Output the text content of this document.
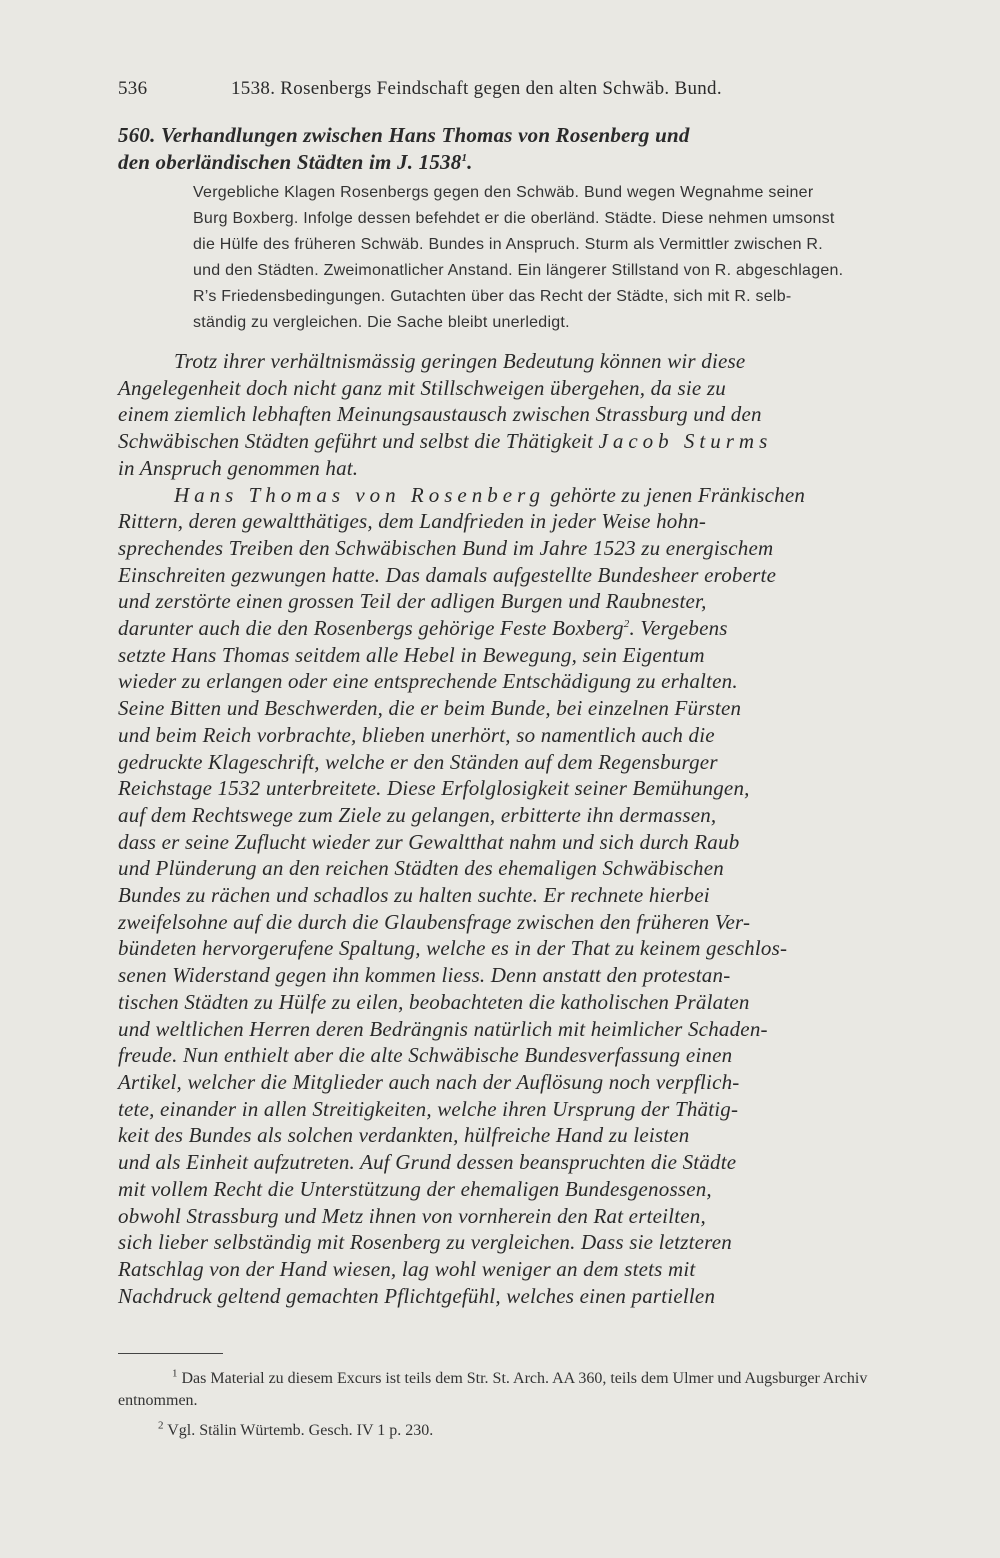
536	1538. Rosenbergs Feindschaft gegen den alten Schwäb. Bund.
560. Verhandlungen zwischen Hans Thomas von Rosenberg und
den oberländischen Städten im J. 1538$^1$.
Vergebliche Klagen Rosenbergs gegen den Schwäb. Bund wegen Wegnahme seiner
Burg Boxberg. Infolge dessen befehdet er die oberländ. Städte. Diese nehmen umsonst
die Hülfe des früheren Schwäb. Bundes in Anspruch. Sturm als Vermittler zwischen R.
und den Städten. Zweimonatlicher Anstand. Ein längerer Stillstand von R. abgeschlagen.
R’s Friedensbedingungen. Gutachten über das Recht der Städte, sich mit R. selb-
ständig zu vergleichen. Die Sache bleibt unerledigt.
Trotz ihrer verhältnismässig geringen Bedeutung können wir diese
Angelegenheit doch nicht ganz mit Stillschweigen übergehen, da sie zu
einem ziemlich lebhaften Meinungsaustausch zwischen Strassburg und den
Schwäbischen Städten geführt und selbst die Thätigkeit Jacob Sturms
in Anspruch genommen hat.
Hans Thomas von Rosenberg gehörte zu jenen Fränkischen
Rittern, deren gewaltthätiges, dem Landfrieden in jeder Weise hohn-
sprechendes Treiben den Schwäbischen Bund im Jahre 1523 zu energischem
Einschreiten gezwungen hatte. Das damals aufgestellte Bundesheer eroberte
und zerstörte einen grossen Teil der adligen Burgen und Raubnester,
darunter auch die den Rosenbergs gehörige Feste Boxberg$^2$. Vergebens
setzte Hans Thomas seitdem alle Hebel in Bewegung, sein Eigentum
wieder zu erlangen oder eine entsprechende Entschädigung zu erhalten.
Seine Bitten und Beschwerden, die er beim Bunde, bei einzelnen Fürsten
und beim Reich vorbrachte, blieben unerhört, so namentlich auch die
gedruckte Klageschrift, welche er den Ständen auf dem Regensburger
Reichstage 1532 unterbreitete. Diese Erfolglosigkeit seiner Bemühungen,
auf dem Rechtswege zum Ziele zu gelangen, erbitterte ihn dermassen,
dass er seine Zuflucht wieder zur Gewaltthat nahm und sich durch Raub
und Plünderung an den reichen Städten des ehemaligen Schwäbischen
Bundes zu rächen und schadlos zu halten suchte. Er rechnete hierbei
zweifelsohne auf die durch die Glaubensfrage zwischen den früheren Ver-
bündeten hervorgerufene Spaltung, welche es in der That zu keinem geschlos-
senen Widerstand gegen ihn kommen liess. Denn anstatt den protestan-
tischen Städten zu Hülfe zu eilen, beobachteten die katholischen Prälaten
und weltlichen Herren deren Bedrängnis natürlich mit heimlicher Schaden-
freude. Nun enthielt aber die alte Schwäbische Bundesverfassung einen
Artikel, welcher die Mitglieder auch nach der Auflösung noch verpflich-
tete, einander in allen Streitigkeiten, welche ihren Ursprung der Thätig-
keit des Bundes als solchen verdankten, hülfreiche Hand zu leisten
und als Einheit aufzutreten. Auf Grund dessen beanspruchten die Städte
mit vollem Recht die Unterstützung der ehemaligen Bundesgenossen,
obwohl Strassburg und Metz ihnen von vornherein den Rat erteilten,
sich lieber selbständig mit Rosenberg zu vergleichen. Dass sie letzteren
Ratschlag von der Hand wiesen, lag wohl weniger an dem stets mit
Nachdruck geltend gemachten Pflichtgefühl, welches einen partiellen
$^1$ Das Material zu diesem Excurs ist teils dem Str. St. Arch. AA 360, teils dem Ulmer und Augsburger Archiv entnommen.
$^2$ Vgl. Stälin Würtemb. Gesch. IV 1 p. 230.
